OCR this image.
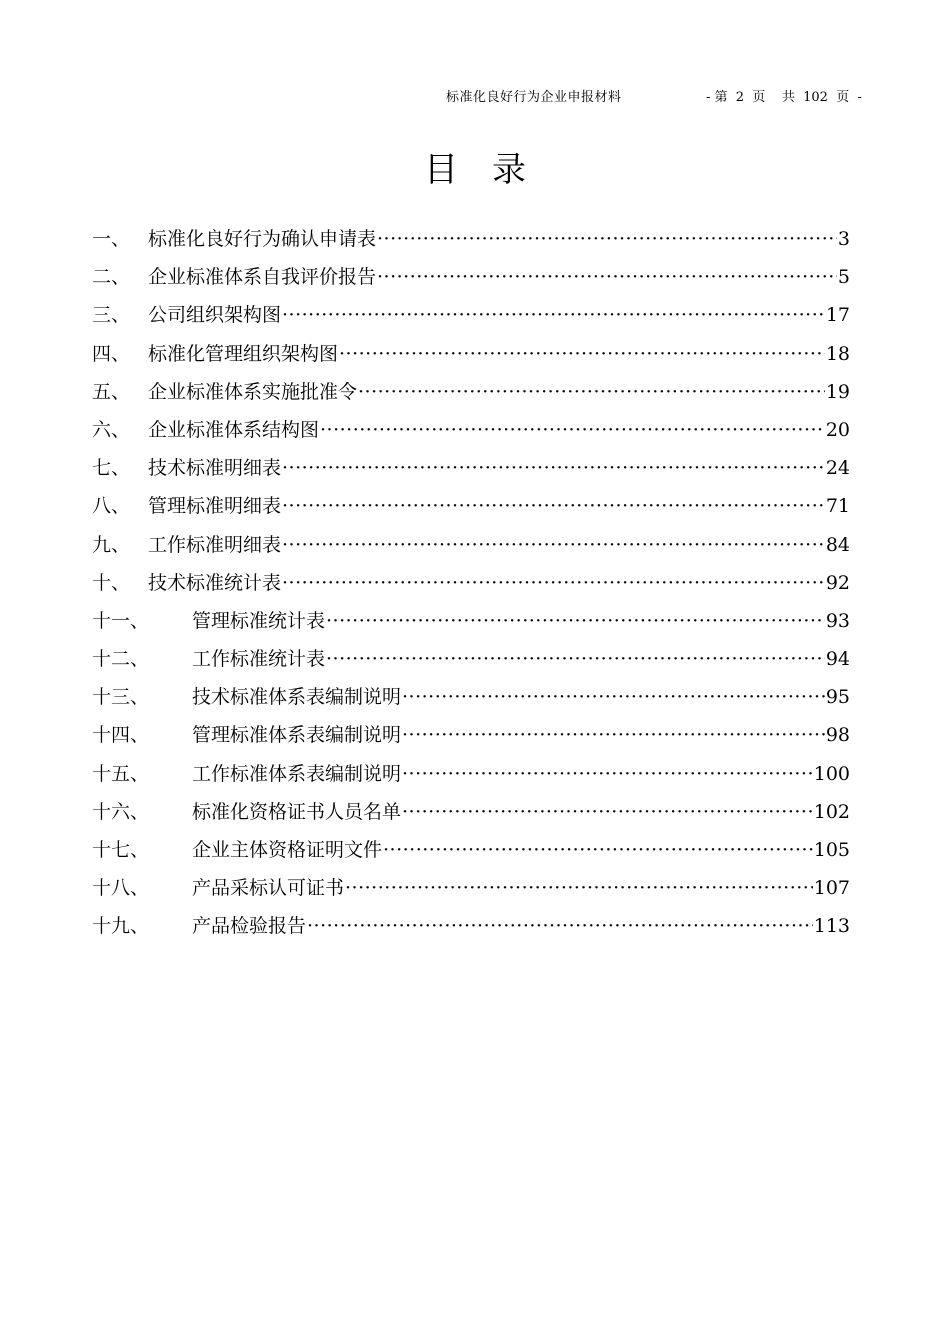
标准化良好行为企业申报材料	- 第  2  页    共  102  页  -
目录
一、 标准化良好行为确认申请表 ·····	3
二、 企业标准体系自我评价报告 ·····	5
三、 公司组织架构图 ·····	17
四、 标准化管理组织架构图 ·····	18
五、 企业标准体系实施批准令 ·····	19
六、 企业标准体系结构图 ·····	20
七、 技术标准明细表 ·····	24
八、 管理标准明细表 ·····	71
九、 工作标准明细表 ·····	84
十、 技术标准统计表 ·····	92
十一、 管理标准统计表 ·····	93
十二、 工作标准统计表 ·····	94
十三、 技术标准体系表编制说明 ·····	95
十四、 管理标准体系表编制说明 ·····	98
十五、 工作标准体系表编制说明 ·····	100
十六、 标准化资格证书人员名单 ·····	102
十七、 企业主体资格证明文件 ·····	105
十八、 产品采标认可证书 ·····	107
十九、 产品检验报告 ·····	113
